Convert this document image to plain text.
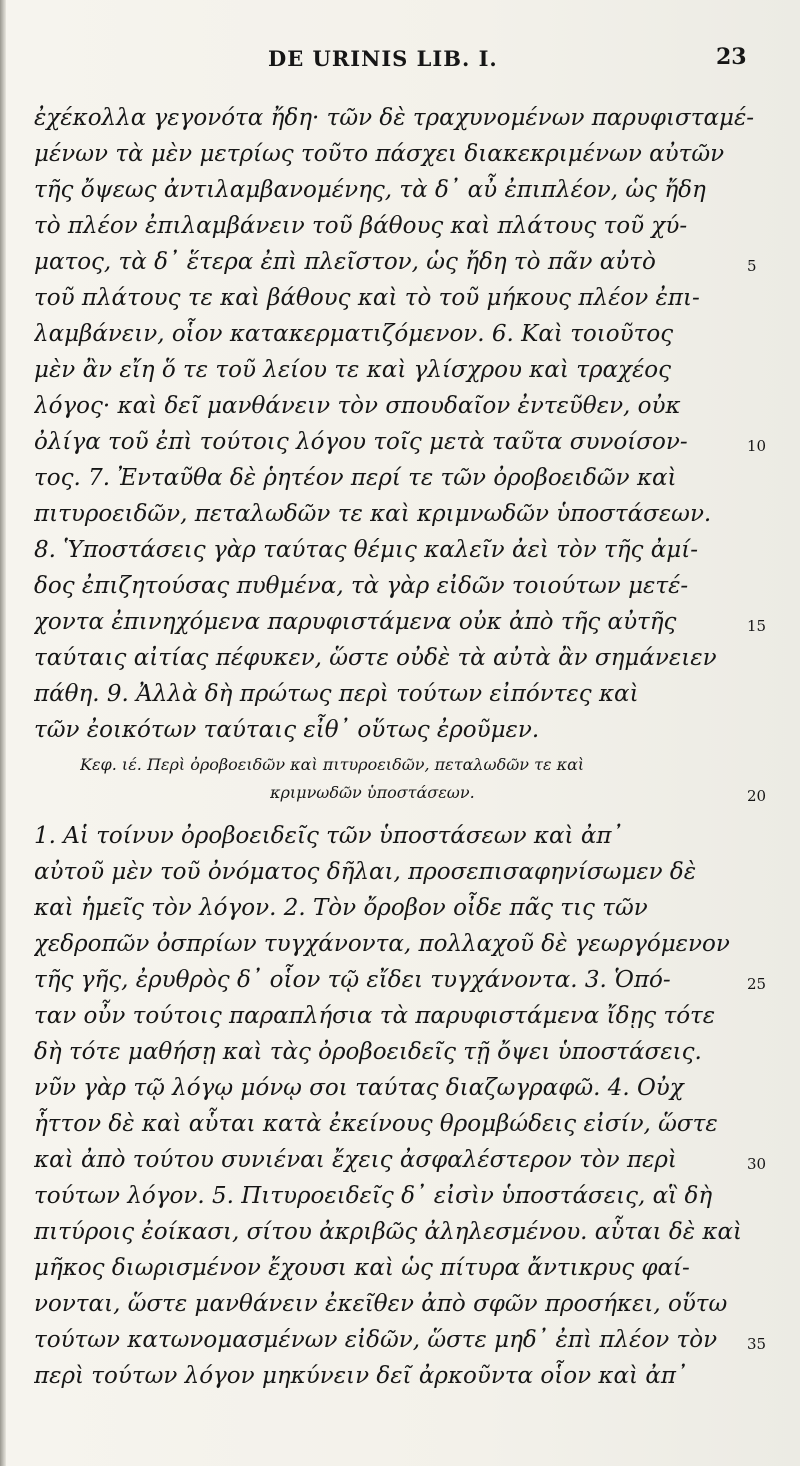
DE URINIS LIB. I.	23
ἐχέκολλα γεγονότα ἤδη· τῶν δὲ τραχυνομένων παρυφισταμέ-
μένων τὰ μὲν μετρίως τοῦτο πάσχει διακεκριμένων αὐτῶν
τῆς ὄψεως ἀντιλαμβανομένης, τὰ δ᾽ αὖ ἐπιπλέον, ὡς ἤδη
τὸ πλέον ἐπιλαμβάνειν τοῦ βάθους καὶ πλάτους τοῦ χύ-
ματος, τὰ δ᾽ ἕτερα ἐπὶ πλεῖστον, ὡς ἤδη τὸ πᾶν αὐτὸ
τοῦ πλάτους τε καὶ βάθους καὶ τὸ τοῦ μήκους πλέον ἐπι-
λαμβάνειν, οἷον κατακερματιζόμενον. 6. Καὶ τοιοῦτος
μὲν ἂν εἴη ὅ τε τοῦ λείου τε καὶ γλίσχρου καὶ τραχέος
λόγος· καὶ δεῖ μανθάνειν τὸν σπουδαῖον ἐντεῦθεν, οὐκ
ὀλίγα τοῦ ἐπὶ τούτοις λόγου τοῖς μετὰ ταῦτα συνοίσον-
τος. 7. Ἐνταῦθα δὲ ῥητέον περί τε τῶν ὀροβοειδῶν καὶ
πιτυροειδῶν, πεταλωδῶν τε καὶ κριμνωδῶν ὑποστάσεων.
8. Ὑποστάσεις γὰρ ταύτας θέμις καλεῖν ἀεὶ τὸν τῆς ἀμί-
δος ἐπιζητούσας πυθμένα, τὰ γὰρ εἰδῶν τοιούτων μετέ-
χοντα ἐπινηχόμενα παρυφιστάμενα οὐκ ἀπὸ τῆς αὐτῆς
ταύταις αἰτίας πέφυκεν, ὥστε οὐδὲ τὰ αὐτὰ ἂν σημάνειεν
πάθη. 9. Ἀλλὰ δὴ πρώτως περὶ τούτων εἰπόντες καὶ
τῶν ἐοικότων ταύταις εἶθ᾽ οὕτως ἐροῦμεν.
Κεφ. ιέ. Περὶ ὀροβοειδῶν καὶ πιτυροειδῶν, πεταλωδῶν τε καὶ
κριμνωδῶν ὑποστάσεων.
1. Αἱ τοίνυν ὀροβοειδεῖς τῶν ὑποστάσεων καὶ ἀπ᾽
αὐτοῦ μὲν τοῦ ὀνόματος δῆλαι, προσεπισαφηνίσωμεν δὲ
καὶ ἡμεῖς τὸν λόγον. 2. Τὸν ὄροβον οἶδε πᾶς τις τῶν
χεδροπῶν ὀσπρίων τυγχάνοντα, πολλαχοῦ δὲ γεωργόμενον
τῆς γῆς, ἐρυθρὸς δ᾽ οἷον τῷ εἴδει τυγχάνοντα. 3. Ὁπό-
ταν οὖν τούτοις παραπλήσια τὰ παρυφιστάμενα ἴδῃς τότε
δὴ τότε μαθήσῃ καὶ τὰς ὀροβοειδεῖς τῇ ὄψει ὑποστάσεις.
νῦν γὰρ τῷ λόγῳ μόνῳ σοι ταύτας διαζωγραφῶ. 4. Οὐχ
ἧττον δὲ καὶ αὗται κατὰ ἐκείνους θρομβώδεις εἰσίν, ὥστε
καὶ ἀπὸ τούτου συνιέναι ἔχεις ἀσφαλέστερον τὸν περὶ
τούτων λόγον. 5. Πιτυροειδεῖς δ᾽ εἰσὶν ὑποστάσεις, αἳ δὴ
πιτύροις ἐοίκασι, σίτου ἀκριβῶς ἀληλεσμένου. αὗται δὲ καὶ
μῆκος διωρισμένον ἔχουσι καὶ ὡς πίτυρα ἄντικρυς φαί-
νονται, ὥστε μανθάνειν ἐκεῖθεν ἀπὸ σφῶν προσήκει, οὕτω
τούτων κατωνομασμένων εἰδῶν, ὥστε μηδ᾽ ἐπὶ πλέον τὸν
περὶ τούτων λόγον μηκύνειν δεῖ ἀρκοῦντα οἷον καὶ ἀπ᾽
5
10
15
20
25
30
35
